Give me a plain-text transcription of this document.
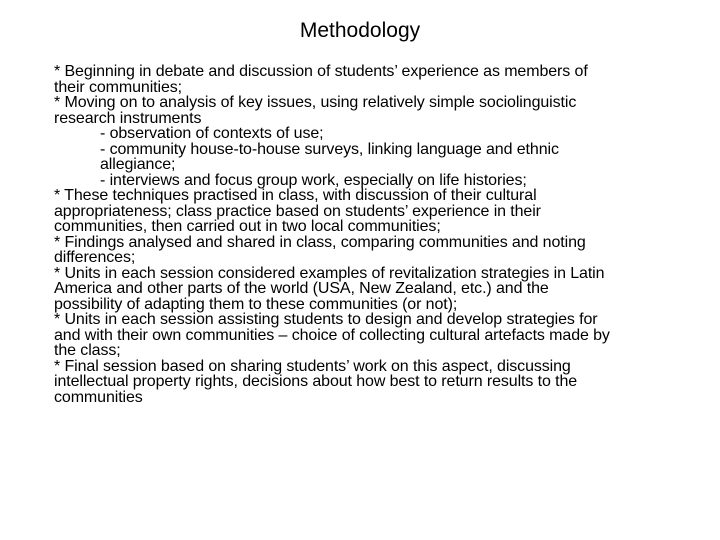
Methodology

* Beginning in debate and discussion of students’ experience as members of
their communities;

* Moving on to analysis of key issues, using relatively simple sociolinguistic
research instruments

- observation of contexts of use;

- community house-to-house surveys, linking language and ethnic
allegiance;

- interviews and focus group work, especially on life histories;

* These techniques practised in class, with discussion of their cultural
appropriateness; class practice based on students’ experience in their
communities, then carried out in two local communities;

* Findings analysed and shared in class, comparing communities and noting
differences;

* Units in each session considered examples of revitalization strategies in Latin
America and other parts of the world (USA, New Zealand, etc.) and the
possibility of adapting them to these communities (or not);

* Units in each session assisting students to design and develop strategies for
and with their own communities – choice of collecting cultural artefacts made by
the class;

* Final session based on sharing students’ work on this aspect, discussing
intellectual property rights, decisions about how best to return results to the
communities
